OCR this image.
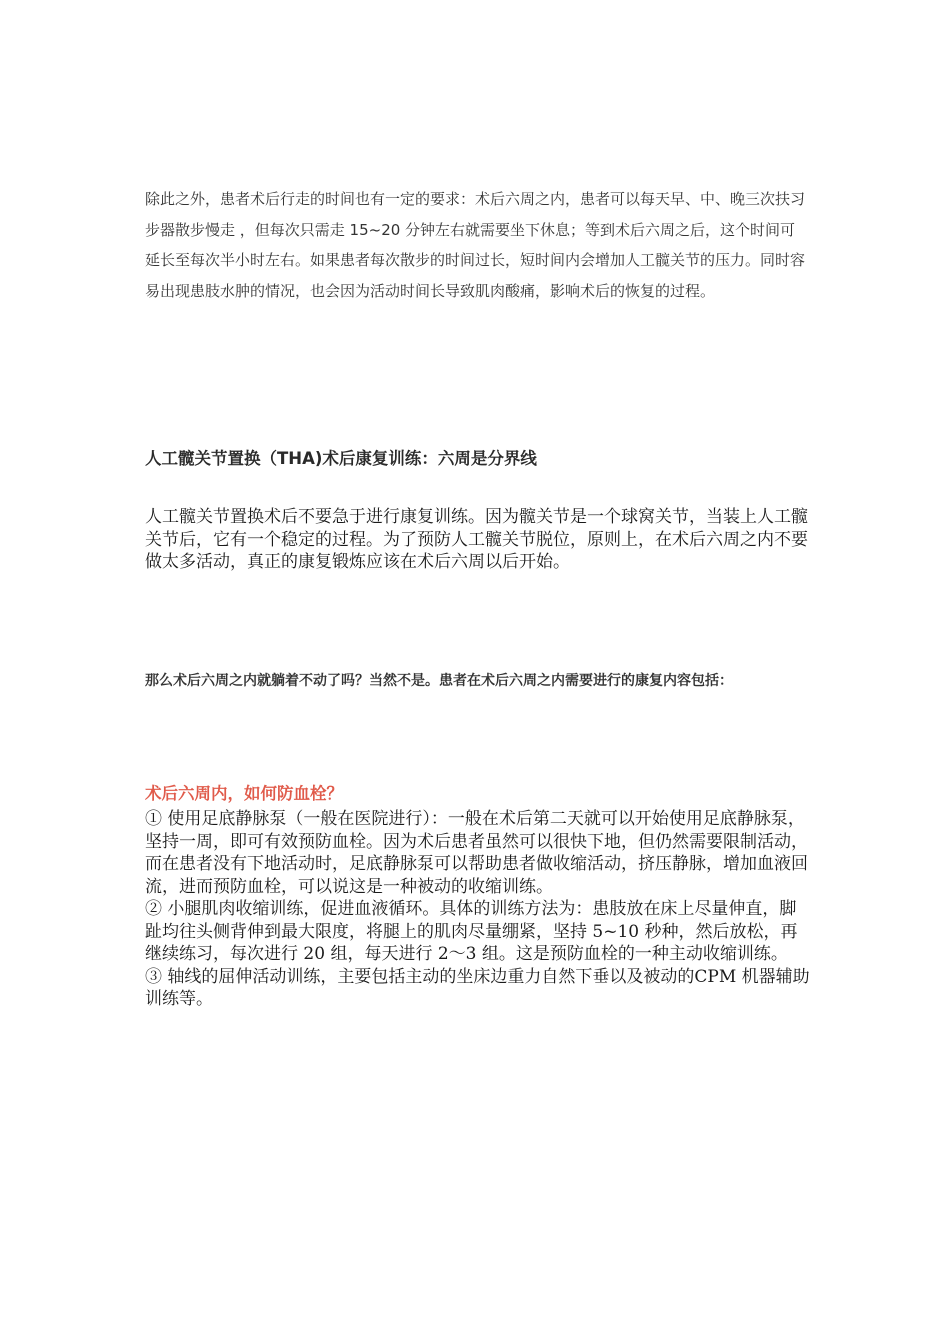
除此之外，患者术后行走的时间也有一定的要求：术后六周之内，患者可以每天早、中、晚三次扶习步器散步慢走 ，但每次只需走 15~20 分钟左右就需要坐下休息；等到术后六周之后，这个时间可延长至每次半小时左右。如果患者每次散步的时间过长，短时间内会增加人工髋关节的压力。同时容易出现患肢水肿的情况，也会因为活动时间长导致肌肉酸痛，影响术后的恢复的过程。

人工髋关节置换（THA)术后康复训练：六周是分界线

人工髋关节置换术后不要急于进行康复训练。因为髋关节是一个球窝关节，当装上人工髋关节后，它有一个稳定的过程。为了预防人工髋关节脱位，原则上，在术后六周之内不要做太多活动，真正的康复锻炼应该在术后六周以后开始。

那么术后六周之内就躺着不动了吗？当然不是。患者在术后六周之内需要进行的康复内容包括：

术后六周内，如何防血栓？

① 使用足底静脉泵（一般在医院进行）：一般在术后第二天就可以开始使用足底静脉泵，坚持一周，即可有效预防血栓。因为术后患者虽然可以很快下地，但仍然需要限制活动，而在患者没有下地活动时，足底静脉泵可以帮助患者做收缩活动，挤压静脉，增加血液回流，进而预防血栓，可以说这是一种被动的收缩训练。

② 小腿肌肉收缩训练，促进血液循环。具体的训练方法为：患肢放在床上尽量伸直，脚趾均往头侧背伸到最大限度，将腿上的肌肉尽量绷紧，坚持 5~10 秒种，然后放松，再继续练习，每次进行 20 组，每天进行 2～3 组。这是预防血栓的一种主动收缩训练。

③ 轴线的屈伸活动训练，主要包括主动的坐床边重力自然下垂以及被动的CPM 机器辅助训练等。
